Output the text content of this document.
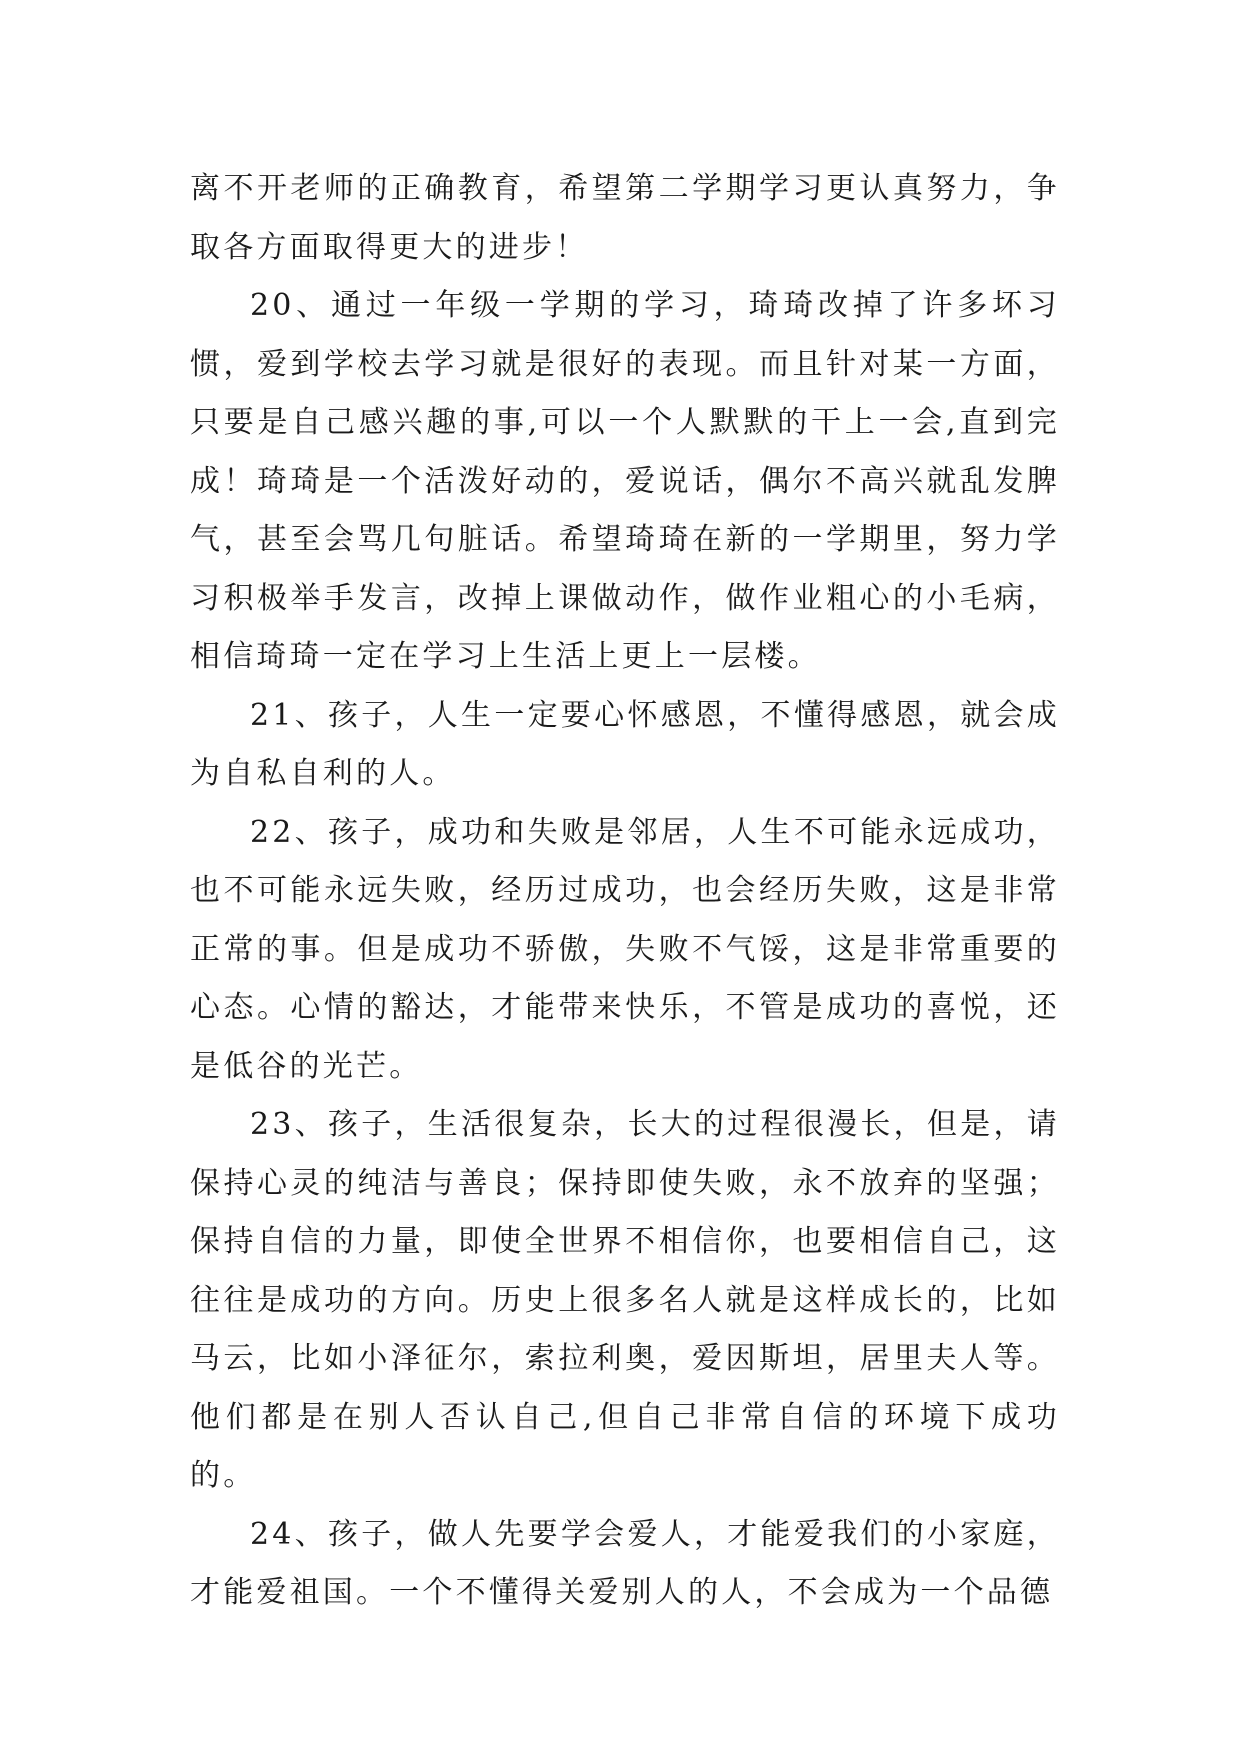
离不开老师的正确教育，希望第二学期学习更认真努力，争取各方面取得更大的进步！

20、通过一年级一学期的学习，琦琦改掉了许多坏习惯，爱到学校去学习就是很好的表现。而且针对某一方面，只要是自己感兴趣的事,可以一个人默默的干上一会,直到完成！琦琦是一个活泼好动的，爱说话，偶尔不高兴就乱发脾气，甚至会骂几句脏话。希望琦琦在新的一学期里，努力学习积极举手发言，改掉上课做动作，做作业粗心的小毛病，相信琦琦一定在学习上生活上更上一层楼。

21、孩子，人生一定要心怀感恩，不懂得感恩，就会成为自私自利的人。

22、孩子，成功和失败是邻居，人生不可能永远成功，也不可能永远失败，经历过成功，也会经历失败，这是非常正常的事。但是成功不骄傲，失败不气馁，这是非常重要的心态。心情的豁达，才能带来快乐，不管是成功的喜悦，还是低谷的光芒。

23、孩子，生活很复杂，长大的过程很漫长，但是，请保持心灵的纯洁与善良；保持即使失败，永不放弃的坚强；保持自信的力量，即使全世界不相信你，也要相信自己，这往往是成功的方向。历史上很多名人就是这样成长的，比如马云，比如小泽征尔，索拉利奥，爱因斯坦，居里夫人等。他们都是在别人否认自己,但自己非常自信的环境下成功的。

24、孩子，做人先要学会爱人，才能爱我们的小家庭，才能爱祖国。一个不懂得关爱别人的人，不会成为一个品德
